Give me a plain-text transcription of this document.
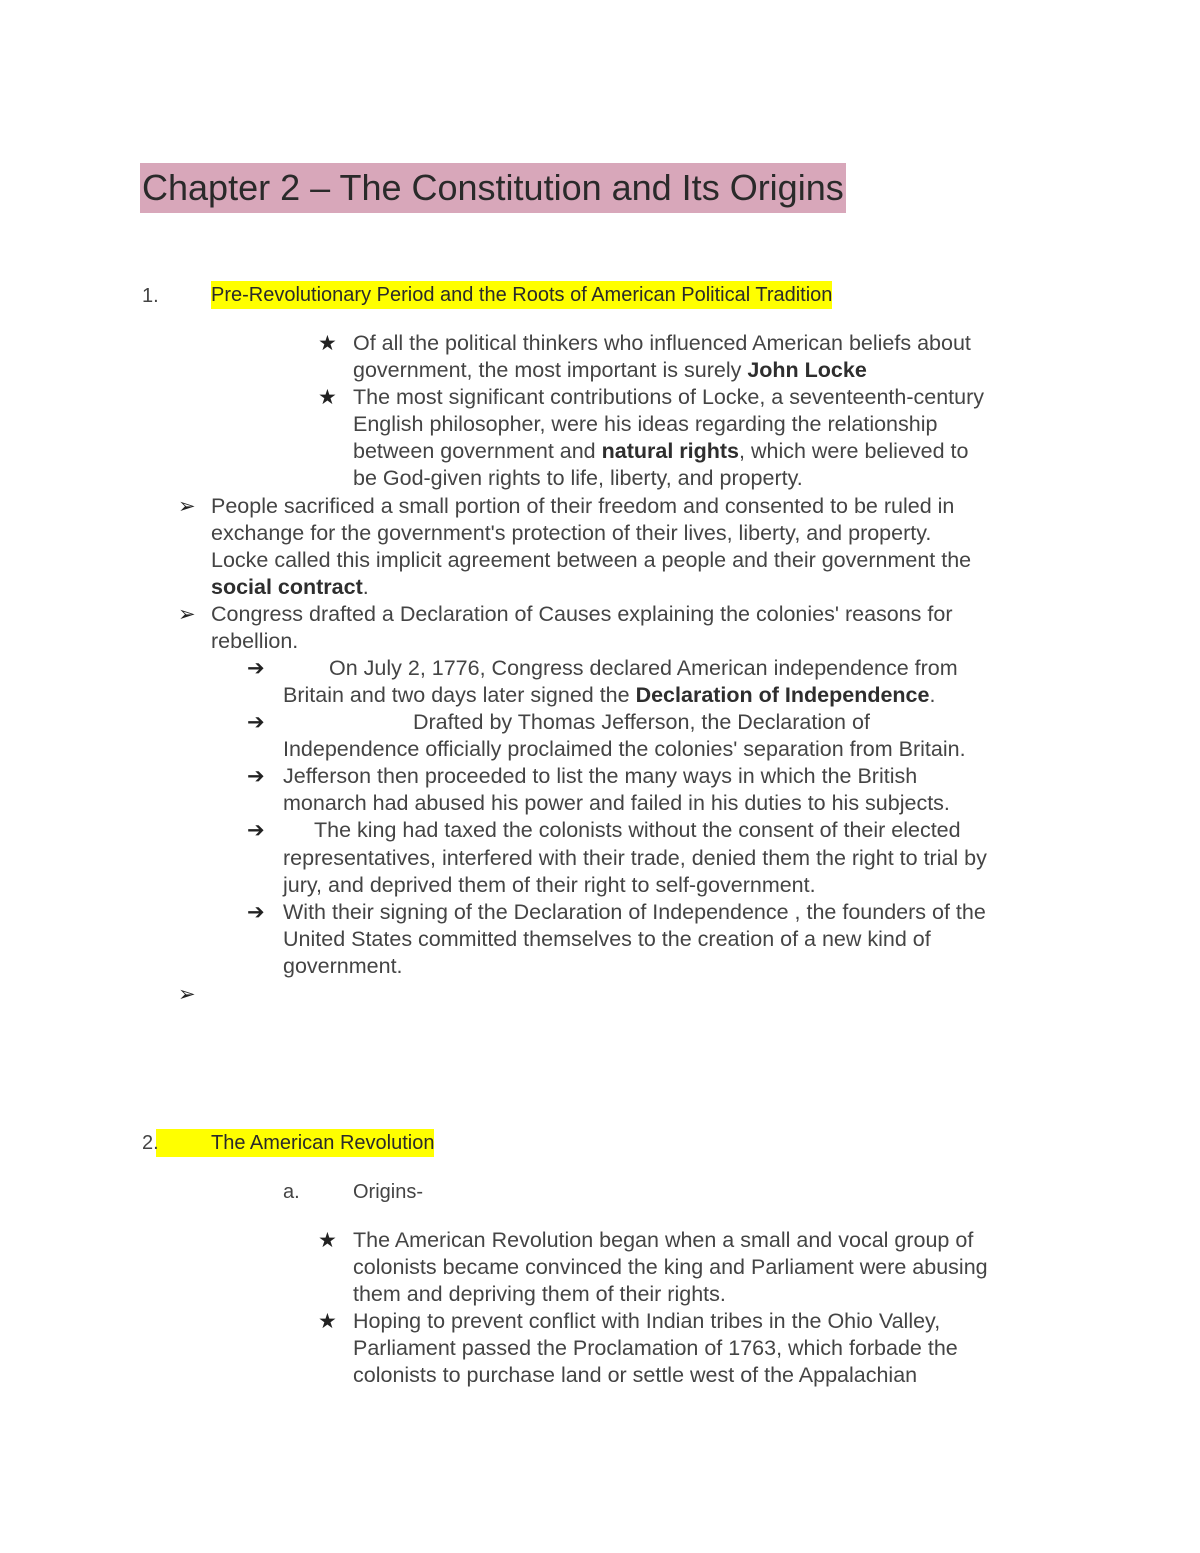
Chapter 2 – The Constitution and Its Origins
1.	Pre-Revolutionary Period and the Roots of American Political Tradition
★ Of all the political thinkers who influenced American beliefs about
government, the most important is surely John Locke
★ The most significant contributions of Locke, a seventeenth-century
English philosopher, were his ideas regarding the relationship
between government and natural rights, which were believed to
be God-given rights to life, liberty, and property.
➢ People sacrificed a small portion of their freedom and consented to be ruled in
exchange for the government's protection of their lives, liberty, and property.
Locke called this implicit agreement between a people and their government the
social contract.
➢ Congress drafted a Declaration of Causes explaining the colonies' reasons for
rebellion.
➔	On July 2, 1776, Congress declared American independence from
Britain and two days later signed the Declaration of Independence.
➔	Drafted by Thomas Jefferson, the Declaration of
Independence officially proclaimed the colonies' separation from Britain.
➔ Jefferson then proceeded to list the many ways in which the British
monarch had abused his power and failed in his duties to his subjects.
➔ The king had taxed the colonists without the consent of their elected
representatives, interfered with their trade, denied them the right to trial by
jury, and deprived them of their right to self-government.
➔ With their signing of the Declaration of Independence , the founders of the
United States committed themselves to the creation of a new kind of
government.
➢
2.	The American Revolution
a.	Origins-
★ The American Revolution began when a small and vocal group of
colonists became convinced the king and Parliament were abusing
them and depriving them of their rights.
★ Hoping to prevent conflict with Indian tribes in the Ohio Valley,
Parliament passed the Proclamation of 1763, which forbade the
colonists to purchase land or settle west of the Appalachian
